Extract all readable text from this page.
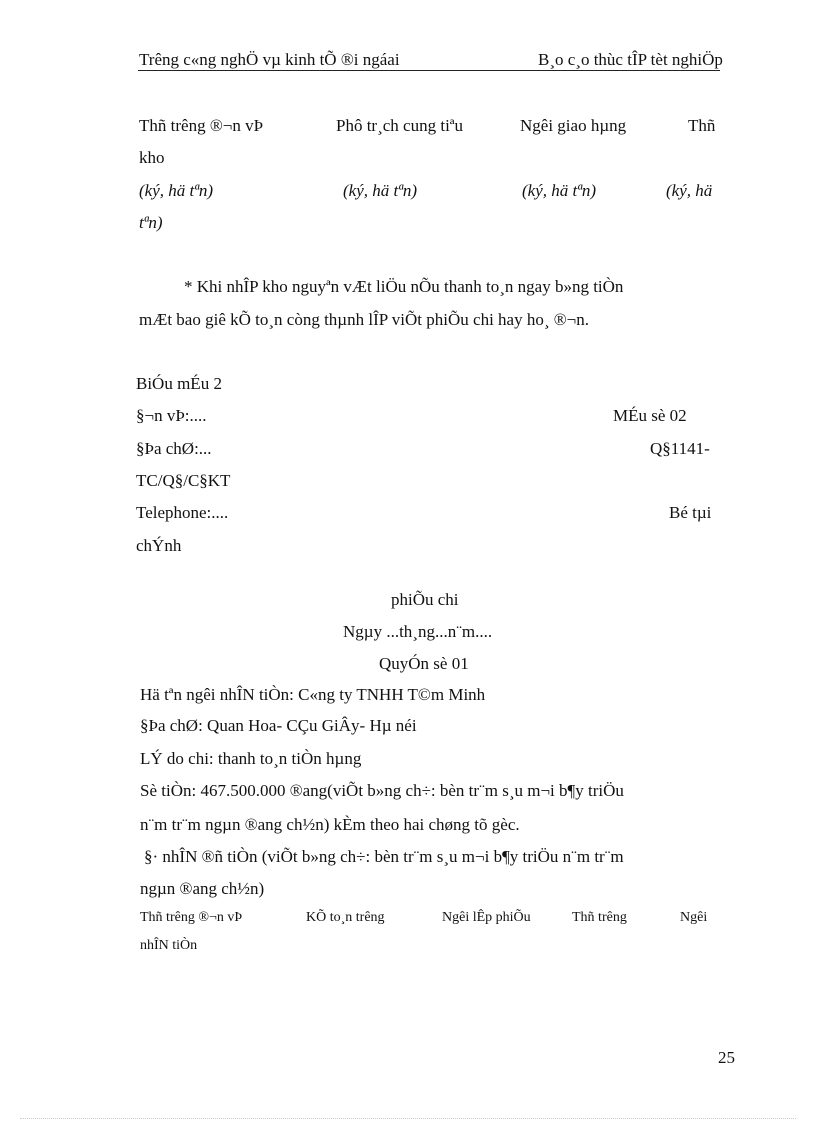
Trêng c«ng nghÖ vµ kinh tÕ ®i ngáai	B¸o c¸o thùc tÎP tèt nghiÖp
Thñ trêng ®¬n vÞ	Phô tr¸ch cung tiªu	Ngêi giao hµng	Thñ
kho
(ký, hä tªn)	(ký, hä tªn)	(ký, hä tªn)	(ký, hä
tªn)
* Khi nhÎP kho nguyªn vÆt liÖu nÕu thanh to¸n ngay b»ng tiÒn
mÆt bao giê kÕ to¸n còng thµnh lÎP viÕt phiÕu chi hay ho¸ ®¬n.
BiÓu mÉu 2
§¬n vÞ:....	MÉu sè 02
§Þa chØ:...	Q§1141-
TC/Q§/C§KT
Telephone:....	Bé tµi
chÝnh
phiÕu chi
Ngµy ...th¸ng...n¨m....
QuyÓn sè 01
Hä tªn ngêi nhÎN tiÒn: C«ng ty TNHH T©m Minh
§Þa chØ: Quan Hoa- CÇu GiÂy- Hµ néi
LÝ do chi: thanh to¸n tiÒn hµng
Sè tiÒn: 467.500.000 ®ang(viÕt b»ng ch÷: bèn tr¨m s¸u m¬i b¶y triÖu
n¨m tr¨m ngµn ®ang ch½n) kÈm theo hai chøng tõ gèc.
§· nhÎN ®ñ tiÒn (viÕt b»ng ch÷: bèn tr¨m s¸u m¬i b¶y triÖu n¨m tr¨m
ngµn ®ang ch½n)
Thñ trêng ®¬n vÞ	KÕ to¸n trêng	Ngêi lÊp phiÕu	Thñ trêng	Ngêi
nhÎN tiÒn
25
